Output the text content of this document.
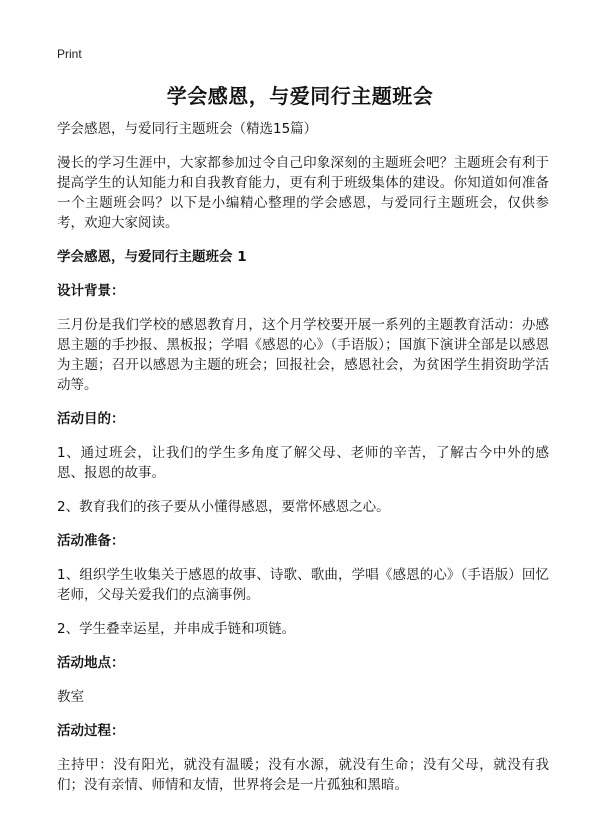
Print
学会感恩，与爱同行主题班会

学会感恩，与爱同行主题班会（精选15篇）

漫长的学习生涯中，大家都参加过令自己印象深刻的主题班会吧？主题班会有利于提高学生的认知能力和自我教育能力，更有利于班级集体的建设。你知道如何准备一个主题班会吗？以下是小编精心整理的学会感恩，与爱同行主题班会，仅供参考，欢迎大家阅读。

学会感恩，与爱同行主题班会 1

设计背景：

三月份是我们学校的感恩教育月，这个月学校要开展一系列的主题教育活动：办感恩主题的手抄报、黑板报；学唱《感恩的心》（手语版）；国旗下演讲全部是以感恩为主题；召开以感恩为主题的班会；回报社会，感恩社会，为贫困学生捐资助学活动等。

活动目的：

1、通过班会，让我们的学生多角度了解父母、老师的辛苦，了解古今中外的感恩、报恩的故事。

2、教育我们的孩子要从小懂得感恩，要常怀感恩之心。

活动准备：

1、组织学生收集关于感恩的故事、诗歌、歌曲，学唱《感恩的心》（手语版）回忆老师，父母关爱我们的点滴事例。

2、学生叠幸运星，并串成手链和项链。

活动地点：

教室

活动过程：

主持甲：没有阳光，就没有温暖；没有水源，就没有生命；没有父母，就没有我们；没有亲情、师情和友情，世界将会是一片孤独和黑暗。
